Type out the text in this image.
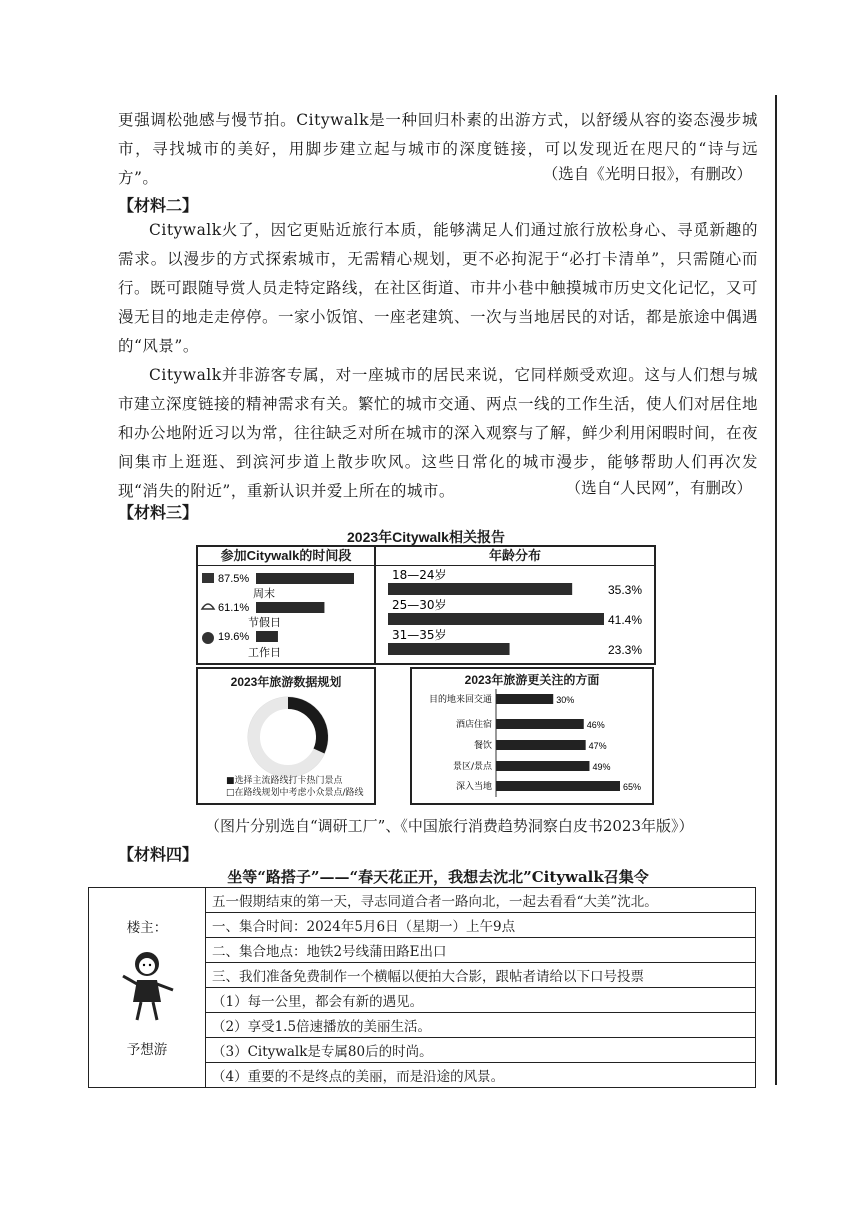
更强调松弛感与慢节拍。Citywalk是一种回归朴素的出游方式，以舒缓从容的姿态漫步城市，寻找城市的美好，用脚步建立起与城市的深度链接，可以发现近在咫尺的“诗与远方”。	（选自《光明日报》，有删改）
【材料二】
Citywalk火了，因它更贴近旅行本质，能够满足人们通过旅行放松身心、寻觅新趣的需求。以漫步的方式探索城市，无需精心规划，更不必拘泥于“必打卡清单”，只需随心而行。既可跟随导赏人员走特定路线，在社区街道、市井小巷中触摸城市历史文化记忆，又可漫无目的地走走停停。一家小饭馆、一座老建筑、一次与当地居民的对话，都是旅途中偶遇的“风景”。
Citywalk并非游客专属，对一座城市的居民来说，它同样颇受欢迎。这与人们想与城市建立深度链接的精神需求有关。繁忙的城市交通、两点一线的工作生活，使人们对居住地和办公地附近习以为常，往往缺乏对所在城市的深入观察与了解，鲜少利用闲暇时间，在夜间集市上逛逛、到滨河步道上散步吹风。这些日常化的城市漫步，能够帮助人们再次发现“消失的附近”，重新认识并爱上所在的城市。	（选自“人民网”，有删改）
【材料三】
2023年Citywalk相关报告
参加Citywalk的时间段
87.5%
61.1%
19.6%
周末
节假日
工作日
年龄分布
18—24岁
25—30岁
31—35岁
35.3%
41.4%
23.3%
2023年旅游数据规划
■选择主流路线打卡热门景点
□在路线规划中考虑小众景点/路线
2023年旅游更关注的方面
目的地来回交通
酒店住宿
餐饮
景区/景点
深入当地
30%
46%
47%
49%
65%
（图片分别选自“调研工厂”、《中国旅行消费趋势洞察白皮书2023年版》）
【材料四】
坐等“路搭子”——“春天花正开，我想去沈北”Citywalk召集令
楼主：
予想游
	五一假期结束的第一天，寻志同道合者一路向北，一起去看看“大美”沈北。
一、集合时间：2024年5月6日（星期一）上午9点
二、集合地点：地铁2号线蒲田路E出口
三、我们准备免费制作一个横幅以便拍大合影，跟帖者请给以下口号投票
（1）每一公里，都会有新的遇见。
（2）享受1.5倍速播放的美丽生活。
（3）Citywalk是专属80后的时尚。
（4）重要的不是终点的美丽，而是沿途的风景。
